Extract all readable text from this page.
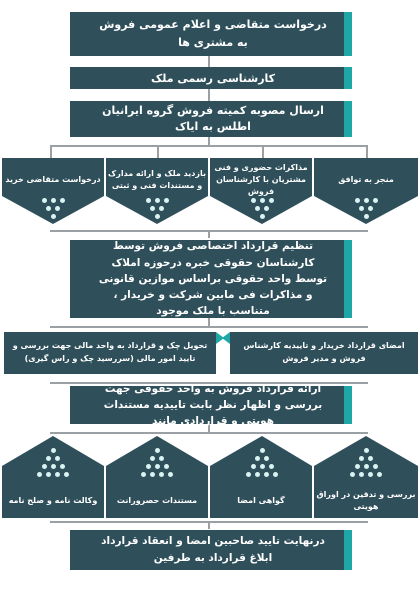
درخواست متقاضی و اعلام عمومی فروش به مشتری ها
کارشناسی رسمی ملک
ارسال مصوبه کمیته فروش گروه ایرانیان اطلس به ایاک
منجر به توافق
مذاکرات حضوری و فنی مشتریان با کارشناسان فروش
بازدید ملک و ارائه مدارک و مستندات فنی و ثبتی
درخواست متقاضی خرید
تنظیم قرارداد اختصاصی فروش توسط کارشناسان حقوقی خبره درحوزه املاک توسط واحد حقوقی براساس موازین قانونی و مذاکرات فی مابین شرکت و خریدار ، متناسب با ملک موجود
امضای قرارداد خریدار و تاییدیه کارشناس فروش و مدیر فروش
تحویل چک و قرارداد به واحد مالی جهت بررسی و تایید امور مالی (سررسید چک و راس گیری)
ارائه قرارداد فروش به واحد حقوقی جهت بررسی و اظهار نظر بابت تاییدیه مستندات هویتی و قراردادی مانند
بررسی و تدقین در اوراق هویتی
گواهی امضا
مستندات حصرورانت
وکالت نامه و صلح نامه
درنهایت تایید صاحبین امضا و انعقاد قرارداد ابلاغ قرارداد به طرفین
